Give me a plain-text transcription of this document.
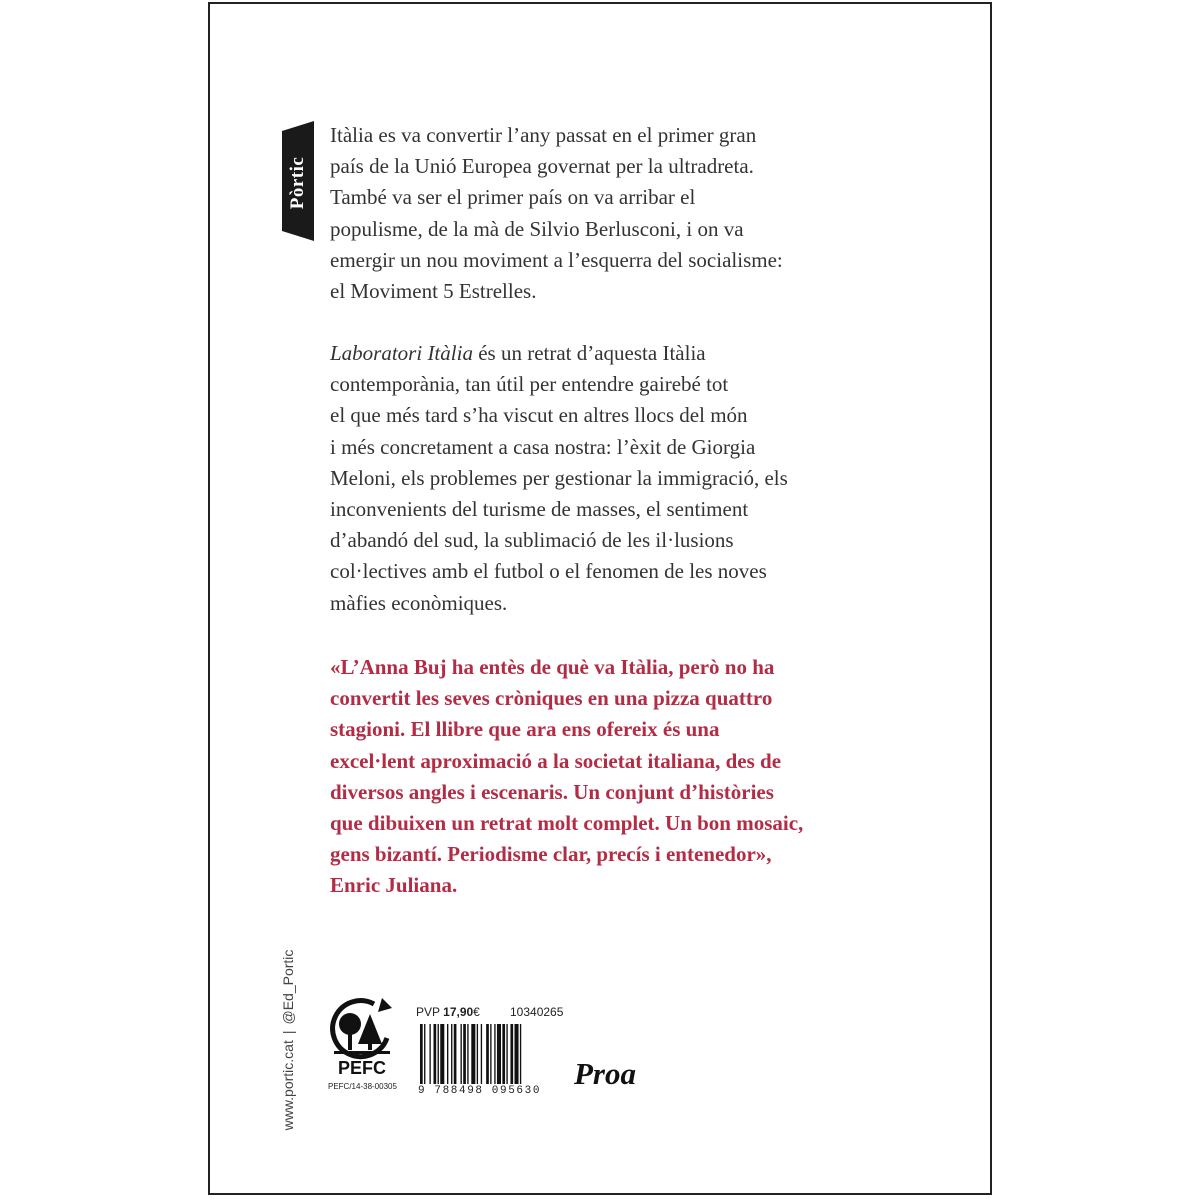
Pòrtic

Itàlia es va convertir l’any passat en el primer gran
país de la Unió Europea governat per la ultradreta.
També va ser el primer país on va arribar el
populisme, de la mà de Silvio Berlusconi, i on va
emergir un nou moviment a l’esquerra del socialisme:
el Moviment 5 Estrelles.

Laboratori Itàlia és un retrat d’aquesta Itàlia
contemporània, tan útil per entendre gairebé tot
el que més tard s’ha viscut en altres llocs del món
i més concretament a casa nostra: l’èxit de Giorgia
Meloni, els problemes per gestionar la immigració, els
inconvenients del turisme de masses, el sentiment
d’abandó del sud, la sublimació de les il·lusions
col·lectives amb el futbol o el fenomen de les noves
màfies econòmiques.

«L’Anna Buj ha entès de què va Itàlia, però no ha
convertit les seves cròniques en una pizza quattro
stagioni. El llibre que ara ens ofereix és una
excel·lent aproximació a la societat italiana, des de
diversos angles i escenaris. Un conjunt d’històries
que dibuixen un retrat molt complet. Un bon mosaic,
gens bizantí. Periodisme clar, precís i entenedor»,
Enric Juliana.

www.portic.cat|@Ed_Portic
PEFC
PEFC/14-38-00305
PVP 17,90€	10340265
9 788498 095630	Proa
